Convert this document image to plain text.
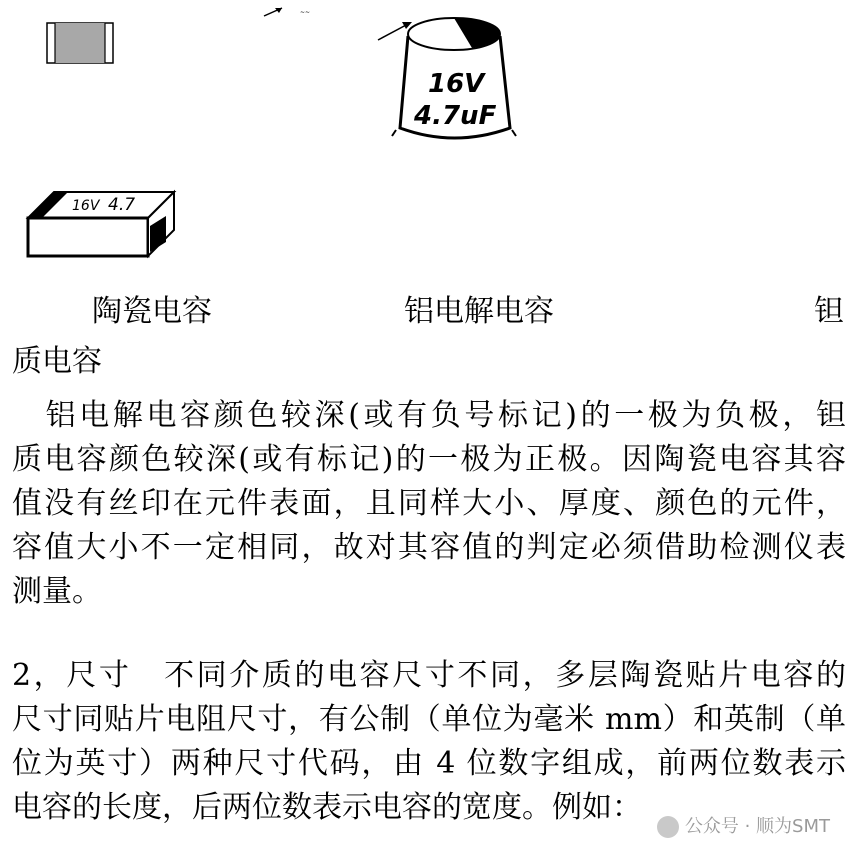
~~
16V
4.7uF
16V 4.7
陶瓷电容	铝电解电容	钽
质电容
　铝电解电容颜色较深(或有负号标记)的一极为负极，钽
质电容颜色较深(或有标记)的一极为正极。因陶瓷电容其容
值没有丝印在元件表面，且同样大小、厚度、颜色的元件，
容值大小不一定相同，故对其容值的判定必须借助检测仪表
测量。
2，尺寸　不同介质的电容尺寸不同，多层陶瓷贴片电容的
尺寸同贴片电阻尺寸，有公制（单位为毫米 mm）和英制（单
位为英寸）两种尺寸代码，由 4 位数字组成，前两位数表示
电容的长度，后两位数表示电容的宽度。例如：
公众号 · 顺为SMT
